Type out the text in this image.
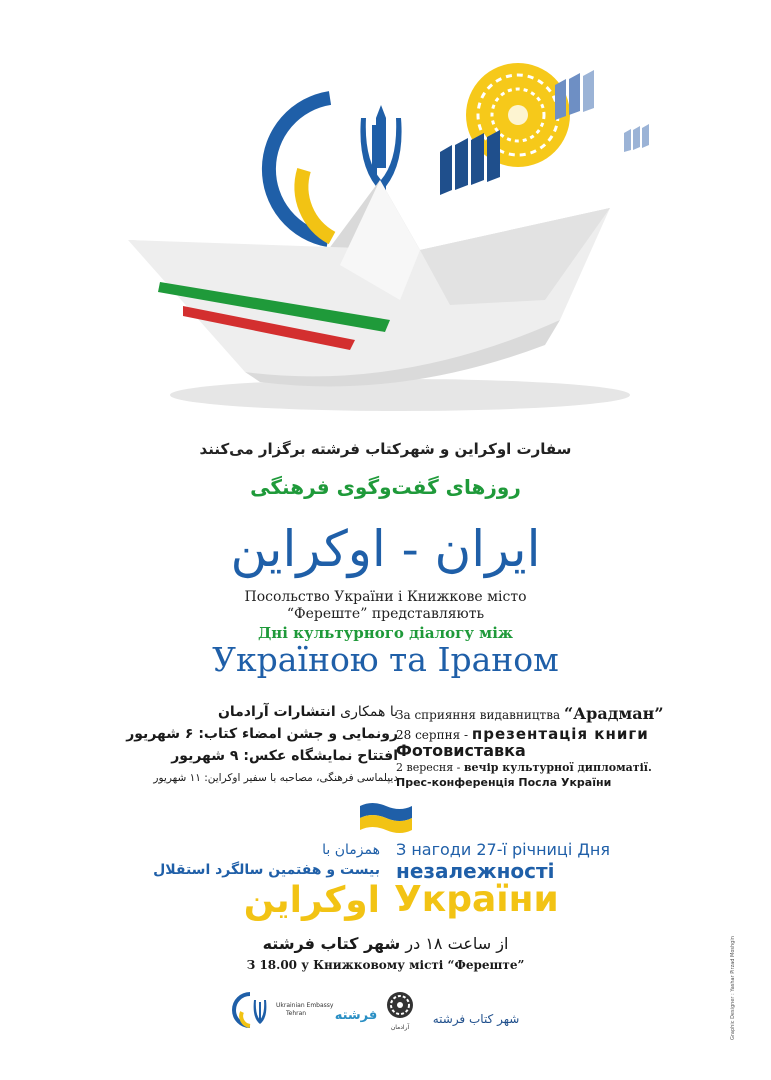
سفارت اوکراین و شهرکتاب فرشته برگزار می‌کنند
روزهای گفت‌وگوی فرهنگی
ایران - اوکراین
Посольство України і Книжкове місто
“Фереште” представляють
Дні культурного діалогу між
Україною та Іраном
با همکاری انتشارات آرادمان
رونمایی و جشن امضاء کتاب: ۶ شهریور
افتتاح نمایشگاه عکس: ۹ شهریور
دیپلماسی فرهنگی، مصاحبه با سفیر اوکراین: ۱۱ شهریور
За сприяння видавництва “Арадман”
28 серпня - презентація книги
Фотовиставка
2 вересня - вечір культурної дипломатії.
Прес-конференція Посла України
همزمان با
بیست و هفتمین سالگرد استقلال
اوکراین
З нагоди 27-ї річниці Дня
незалежності
України
از ساعت ۱۸ در شهر کتاب فرشته
З 18.00 у Книжковому місті “Фереште”
Ukrainian Embassy
Tehran	فرشته
آرادمان
شهر کتاب فرشته	Graphic Designer : Yashar Pirzad Moshgin
